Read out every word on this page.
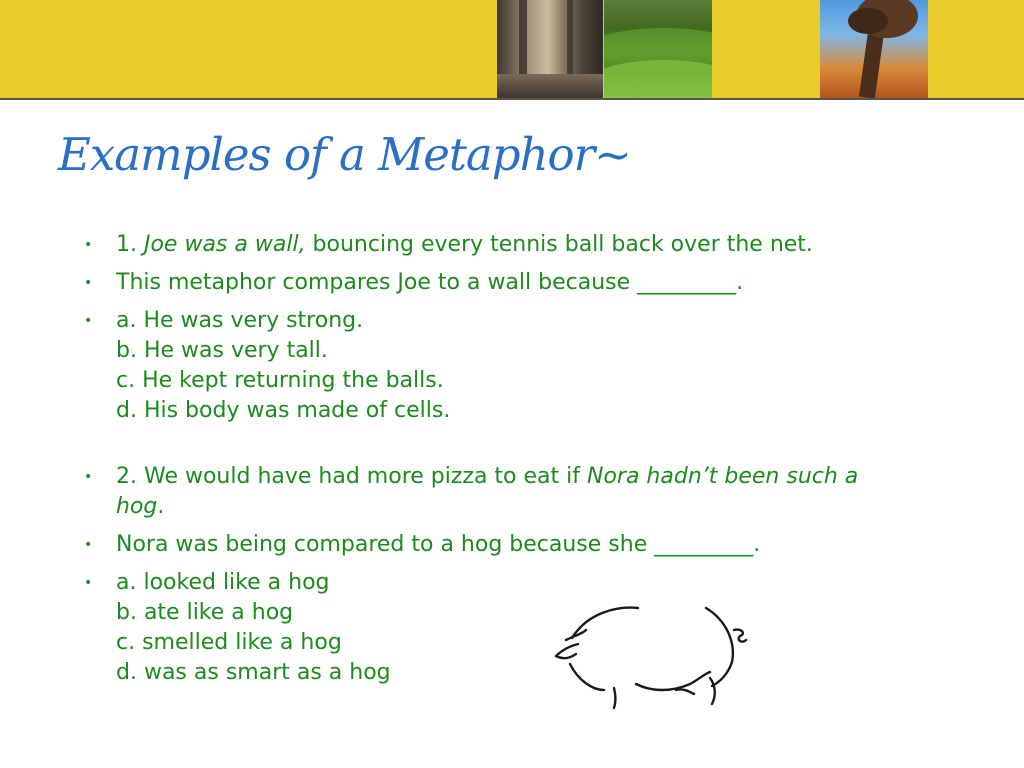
Examples of a Metaphor~
• 1. Joe was a wall, bouncing every tennis ball back over the net.
• This metaphor compares Joe to a wall because _________.
• a. He was very strong.
b. He was very tall.
c. He kept returning the balls.
d. His body was made of cells.
• 2. We would have had more pizza to eat if Nora hadn’t been such a
hog.
• Nora was being compared to a hog because she _________.
• a. looked like a hog
b. ate like a hog
c. smelled like a hog
d. was as smart as a hog
